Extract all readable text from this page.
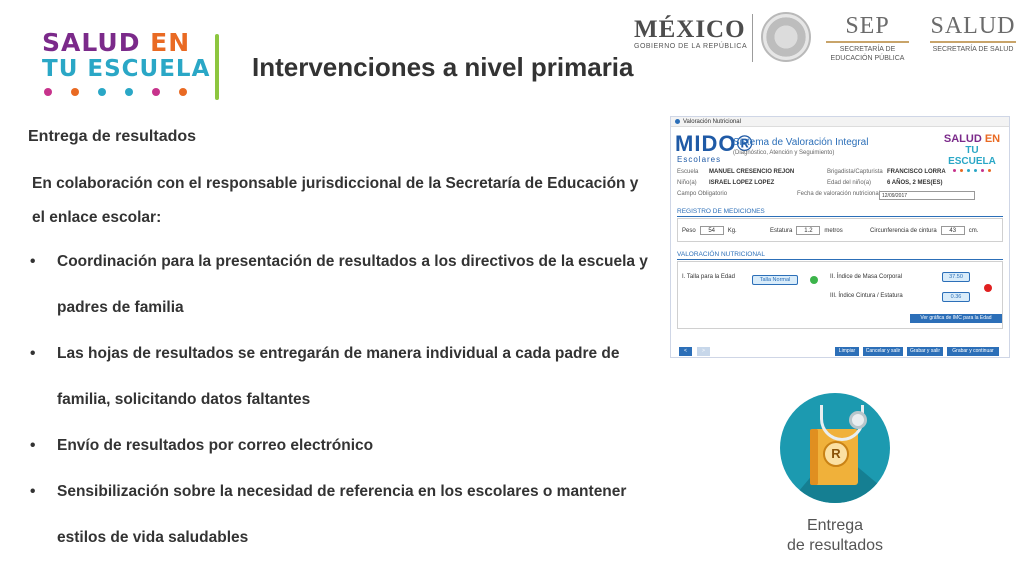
SALUD EN
TU ESCUELA Intervenciones a nivel primaria
MÉXICO
GOBIERNO DE LA REPÚBLICA
SEP
SECRETARÍA DE
EDUCACIÓN PÚBLICA
SALUD
SECRETARÍA DE SALUD
Entrega de resultados

En colaboración con el responsable jurisdiccional de la Secretaría de Educación y el enlace escolar:

• Coordinación para la presentación de resultados a los directivos de la escuela y padres de familia
• Las hojas de resultados se entregarán de manera individual a cada padre de familia, solicitando datos faltantes
• Envío de resultados por correo electrónico
• Sensibilización sobre la necesidad de referencia en los escolares o mantener estilos de vida saludables
Valoración Nutricional
MIDO®
Escolares
Sistema de Valoración Integral
(Diagnóstico, Atención y Seguimiento)
SALUD EN
TU ESCUELA
Escuela MANUEL CRESENCIO REJON	Brigadista/Capturista FRANCISCO LORRA
Niño(a) ISRAEL LOPEZ LOPEZ	Edad del niño(a)	6 AÑOS, 2 MES(ES)
Campo Obligatorio	Fecha de valoración nutricional 12/09/2017
REGISTRO DE MEDICIONES
Peso	54	Kg.	Estatura	1.2	metros	Circunferencia de cintura	43	cm.
VALORACIÓN NUTRICIONAL
I. Talla para la Edad	Talla Normal	II. Índice de Masa Corporal	37.50
III. Índice Cintura / Estatura	0.36
Ver gráfica de IMC para la Edad
<	>	Limpiar	Cancelar y salir	Grabar y salir	Grabar y continuar
R
Entrega
de resultados
